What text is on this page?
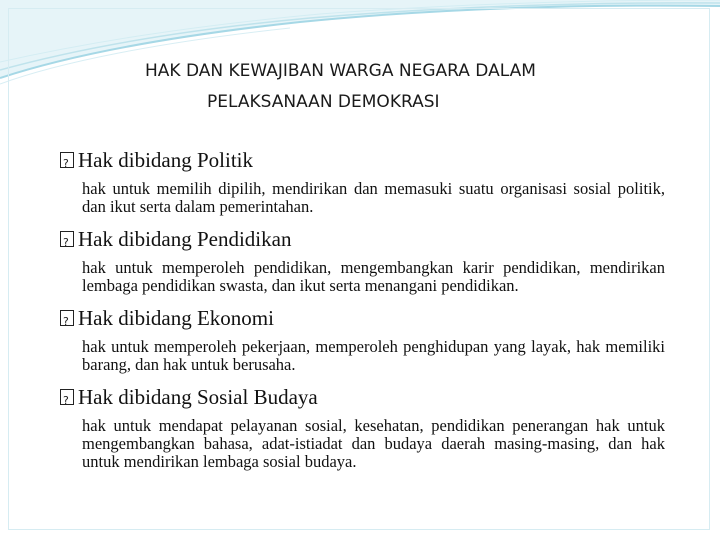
HAK DAN KEWAJIBAN WARGA NEGARA DALAM
PELAKSANAAN DEMOKRASI
?
Hak dibidang Politik
hak untuk memilih dipilih, mendirikan dan memasuki suatu organisasi sosial politik, dan ikut serta dalam pemerintahan.
?
Hak dibidang Pendidikan
hak untuk memperoleh pendidikan, mengembangkan karir pendidikan, mendirikan lembaga pendidikan swasta, dan ikut serta menangani pendidikan.
?
Hak dibidang Ekonomi
hak untuk memperoleh pekerjaan, memperoleh penghidupan yang layak, hak memiliki barang, dan hak untuk berusaha.
?
Hak dibidang Sosial Budaya
hak untuk mendapat pelayanan sosial, kesehatan, pendidikan penerangan hak untuk mengembangkan bahasa, adat-istiadat dan budaya daerah masing-masing, dan hak untuk mendirikan lembaga sosial budaya.
